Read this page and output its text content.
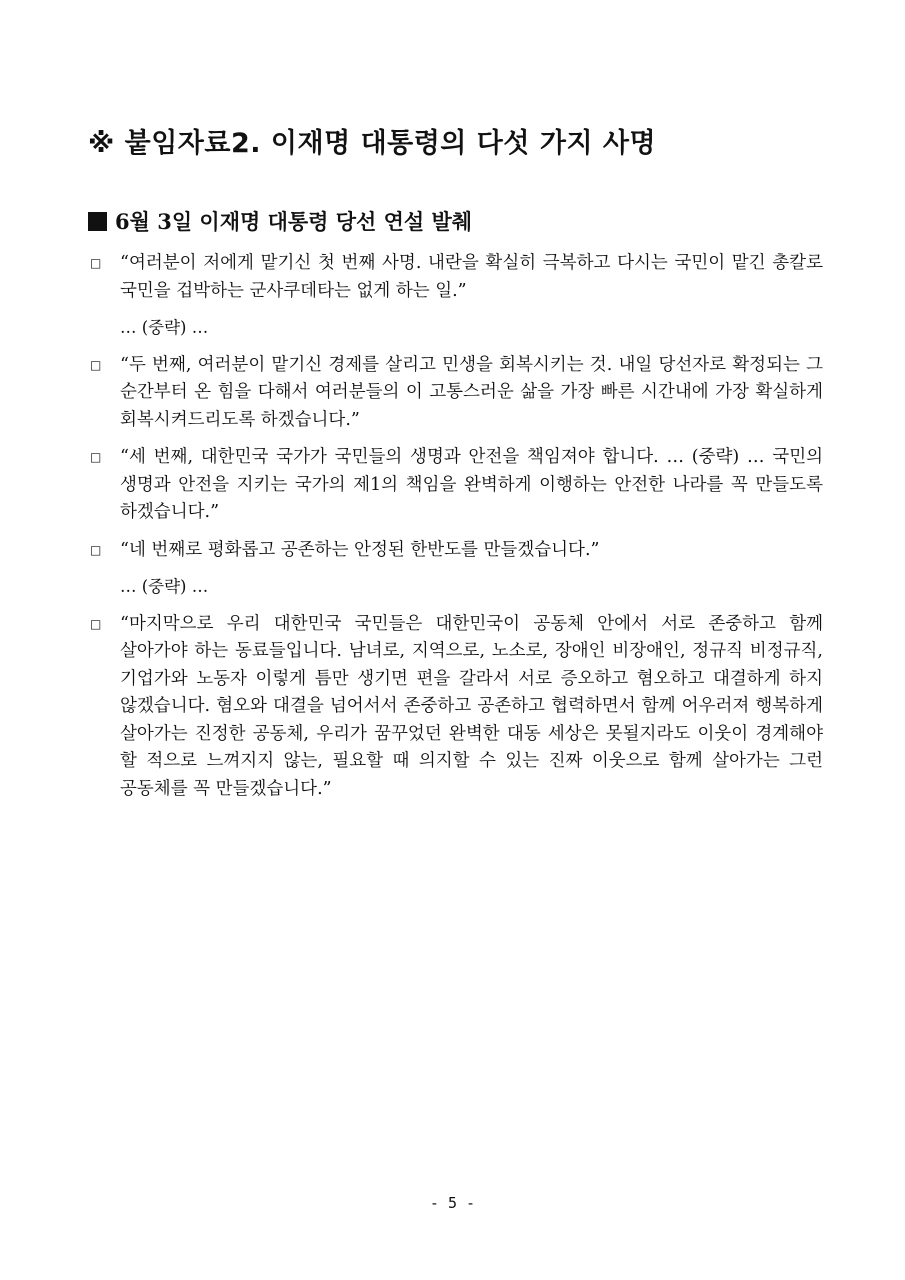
※ 붙임자료2. 이재명 대통령의 다섯 가지 사명
6월 3일 이재명 대통령 당선 연설 발췌

□ “여러분이 저에게 맡기신 첫 번째 사명. 내란을 확실히 극복하고 다시는 국민이 맡긴 총칼로 국민을 겁박하는 군사쿠데타는 없게 하는 일.”

… (중략) …

□ “두 번째, 여러분이 맡기신 경제를 살리고 민생을 회복시키는 것. 내일 당선자로 확정되는 그 순간부터 온 힘을 다해서 여러분들의 이 고통스러운 삶을 가장 빠른 시간내에 가장 확실하게 회복시켜드리도록 하겠습니다.”

□ “세 번째, 대한민국 국가가 국민들의 생명과 안전을 책임져야 합니다. … (중략) … 국민의 생명과 안전을 지키는 국가의 제1의 책임을 완벽하게 이행하는 안전한 나라를 꼭 만들도록 하겠습니다.”

□ “네 번째로 평화롭고 공존하는 안정된 한반도를 만들겠습니다.”

… (중략) …

□ “마지막으로 우리 대한민국 국민들은 대한민국이 공동체 안에서 서로 존중하고 함께 살아가야 하는 동료들입니다. 남녀로, 지역으로, 노소로, 장애인 비장애인, 정규직 비정규직, 기업가와 노동자 이렇게 틈만 생기면 편을 갈라서 서로 증오하고 혐오하고 대결하게 하지 않겠습니다. 혐오와 대결을 넘어서서 존중하고 공존하고 협력하면서 함께 어우러져 행복하게 살아가는 진정한 공동체, 우리가 꿈꾸었던 완벽한 대동 세상은 못될지라도 이웃이 경계해야 할 적으로 느껴지지 않는, 필요할 때 의지할 수 있는 진짜 이웃으로 함께 살아가는 그런 공동체를 꼭 만들겠습니다.”

- 5 -
